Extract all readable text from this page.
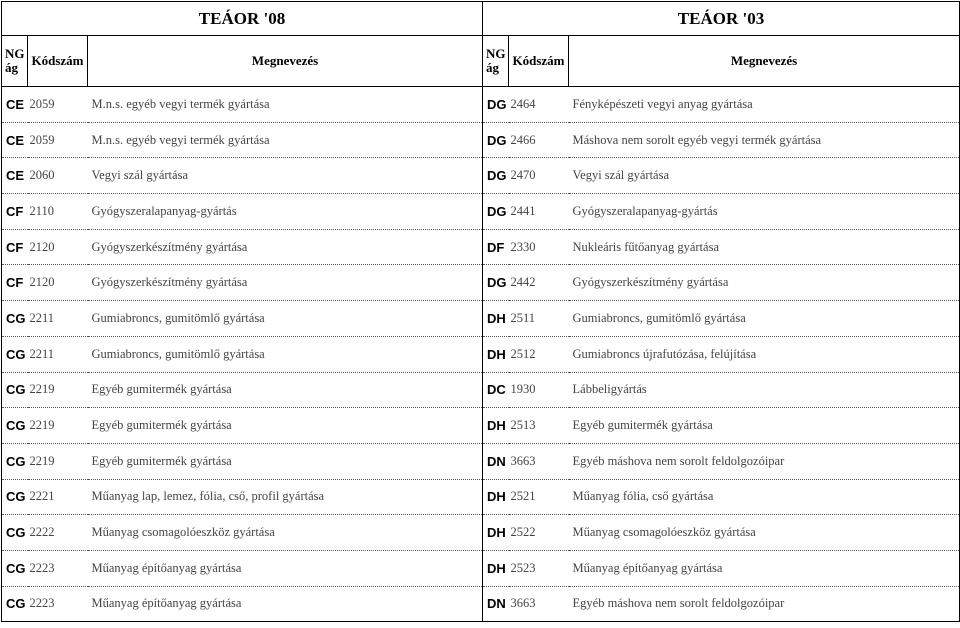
TEÁOR '08			TEÁOR '03		
NG ág	Kódszám	Megnevezés	NG ág	Kódszám	Megnevezés
CE	2059	M.n.s. egyéb vegyi termék gyártása	DG	2464	Fényképészeti vegyi anyag gyártása
CE	2059	M.n.s. egyéb vegyi termék gyártása	DG	2466	Máshova nem sorolt egyéb vegyi termék gyártása
CE	2060	Vegyi szál gyártása	DG	2470	Vegyi szál gyártása
CF	2110	Gyógyszeralapanyag-gyártás	DG	2441	Gyógyszeralapanyag-gyártás
CF	2120	Gyógyszerkészítmény gyártása	DF	2330	Nukleáris fűtőanyag gyártása
CF	2120	Gyógyszerkészítmény gyártása	DG	2442	Gyógyszerkészítmény gyártása
CG	2211	Gumiabroncs, gumitömlő gyártása	DH	2511	Gumiabroncs, gumitömlő gyártása
CG	2211	Gumiabroncs, gumitömlő gyártása	DH	2512	Gumiabroncs újrafutózása, felújítása
CG	2219	Egyéb gumitermék gyártása	DC	1930	Lábbeligyártás
CG	2219	Egyéb gumitermék gyártása	DH	2513	Egyéb gumitermék gyártása
CG	2219	Egyéb gumitermék gyártása	DN	3663	Egyéb máshova nem sorolt feldolgozóipar
CG	2221	Műanyag lap, lemez, fólia, cső, profil gyártása	DH	2521	Műanyag fólia, cső gyártása
CG	2222	Műanyag csomagolóeszköz gyártása	DH	2522	Műanyag csomagolóeszköz gyártása
CG	2223	Műanyag építőanyag gyártása	DH	2523	Műanyag építőanyag gyártása
CG	2223	Műanyag építőanyag gyártása	DN	3663	Egyéb máshova nem sorolt feldolgozóipar
